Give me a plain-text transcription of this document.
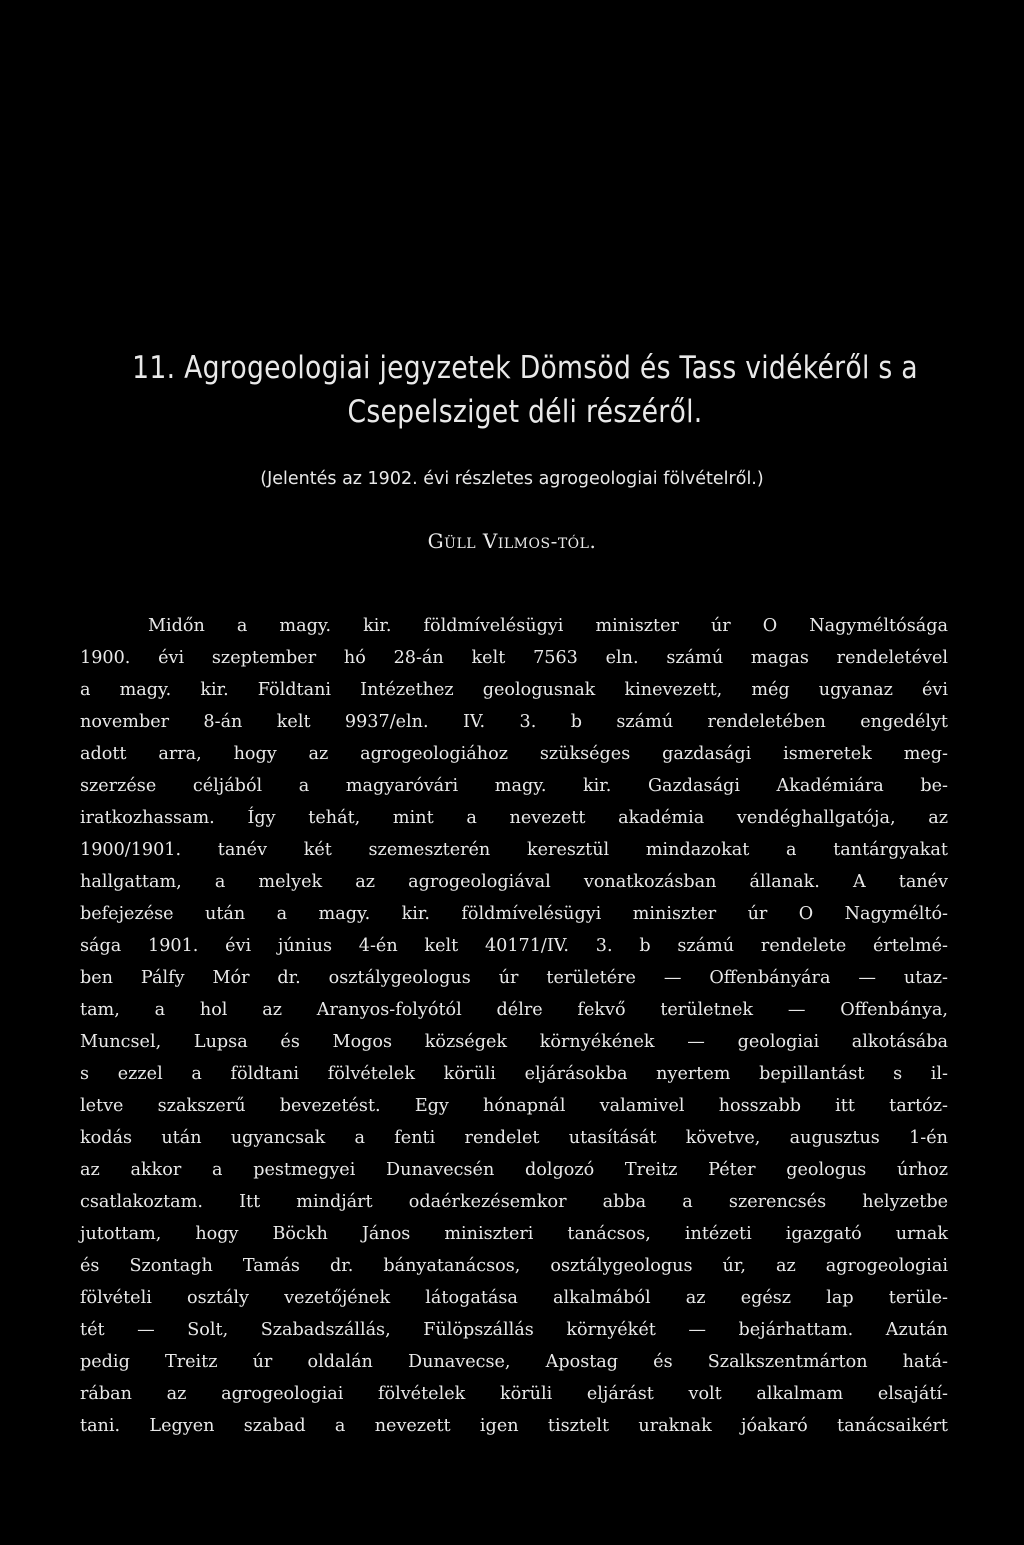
11. Agrogeologiai jegyzetek Dömsöd és Tass vidékéről s a
Csepelsziget déli részéről.

(Jelentés az 1902. évi részletes agrogeologiai fölvételről.)

Güll Vilmos-tól.

Midőn a magy. kir. földmívelésügyi miniszter úr O Nagyméltósága

1900. évi szeptember hó 28-án kelt 7563 eln. számú magas rendeletével

a magy. kir. Földtani Intézethez geologusnak kinevezett, még ugyanaz évi

november 8-án kelt 9937/eln. IV. 3. b számú rendeletében engedélyt

adott arra, hogy az agrogeologiához szükséges gazdasági ismeretek meg-

szerzése céljából a magyaróvári magy. kir. Gazdasági Akadémiára be-

iratkozhassam. Így tehát, mint a nevezett akadémia vendéghallgatója, az

1900/1901. tanév két szemeszterén keresztül mindazokat a tantárgyakat

hallgattam, a melyek az agrogeologiával vonatkozásban állanak. A tanév

befejezése után a magy. kir. földmívelésügyi miniszter úr O Nagyméltó-

sága 1901. évi június 4-én kelt 40171/IV. 3. b számú rendelete értelmé-

ben Pálfy Mór dr. osztálygeologus úr területére — Offenbányára — utaz-

tam, a hol az Aranyos-folyótól délre fekvő területnek — Offenbánya,

Muncsel, Lupsa és Mogos községek környékének — geologiai alkotásába

s ezzel a földtani fölvételek körüli eljárásokba nyertem bepillantást s il-

letve szakszerű bevezetést. Egy hónapnál valamivel hosszabb itt tartóz-

kodás után ugyancsak a fenti rendelet utasítását követve, augusztus 1-én

az akkor a pestmegyei Dunavecsén dolgozó Treitz Péter geologus úrhoz

csatlakoztam. Itt mindjárt odaérkezésemkor abba a szerencsés helyzetbe

jutottam, hogy Böckh János miniszteri tanácsos, intézeti igazgató urnak

és Szontagh Tamás dr. bányatanácsos, osztálygeologus úr, az agrogeologiai

fölvételi osztály vezetőjének látogatása alkalmából az egész lap terüle-

tét — Solt, Szabadszállás, Fülöpszállás környékét — bejárhattam. Azután

pedig Treitz úr oldalán Dunavecse, Apostag és Szalkszentmárton hatá-

rában az agrogeologiai fölvételek körüli eljárást volt alkalmam elsajátí-

tani. Legyen szabad a nevezett igen tisztelt uraknak jóakaró tanácsaikért
